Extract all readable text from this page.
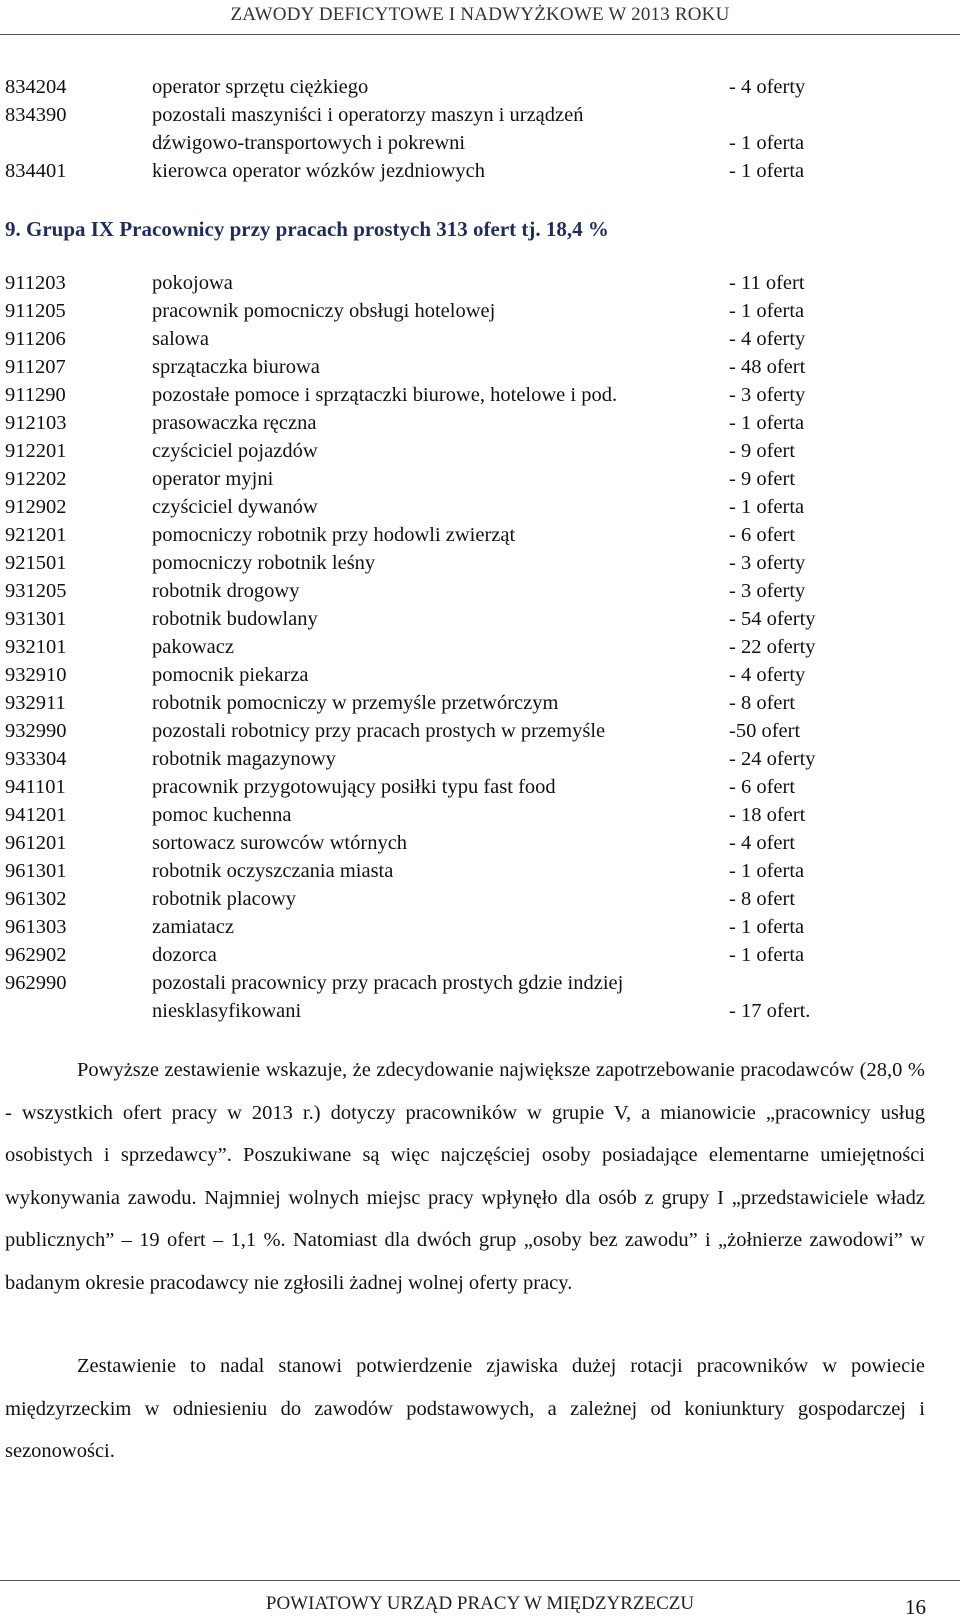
ZAWODY DEFICYTOWE I NADWYŻKOWE W 2013 ROKU
834204	operator sprzętu ciężkiego	- 4 oferty
834390	pozostali maszyniści i operatorzy maszyn i urządzeń
dźwigowo-transportowych i pokrewni	- 1 oferta
834401	kierowca operator wózków jezdniowych	- 1 oferta
911203	pokojowa	- 11 ofert
911205	pracownik pomocniczy obsługi hotelowej	- 1 oferta
911206	salowa	- 4 oferty
911207	sprzątaczka biurowa	- 48 ofert
911290	pozostałe pomoce i sprzątaczki biurowe, hotelowe i pod.	- 3 oferty
912103	prasowaczka ręczna	- 1 oferta
912201	czyściciel pojazdów	- 9 ofert
912202	operator myjni	- 9 ofert
912902	czyściciel dywanów	- 1 oferta
921201	pomocniczy robotnik przy hodowli zwierząt	- 6 ofert
921501	pomocniczy robotnik leśny	- 3 oferty
931205	robotnik drogowy	- 3 oferty
931301	robotnik budowlany	- 54 oferty
932101	pakowacz	- 22 oferty
932910	pomocnik piekarza	- 4 oferty
932911	robotnik pomocniczy w przemyśle przetwórczym	- 8 ofert
932990	pozostali robotnicy przy pracach prostych w przemyśle	-50 ofert
933304	robotnik magazynowy	- 24 oferty
941101	pracownik przygotowujący posiłki typu fast food	- 6 ofert
941201	pomoc kuchenna	- 18 ofert
961201	sortowacz surowców wtórnych	- 4 ofert
961301	robotnik oczyszczania miasta	- 1 oferta
961302	robotnik placowy	- 8 ofert
961303	zamiatacz	- 1 oferta
962902	dozorca	- 1 oferta
962990	pozostali pracownicy przy pracach prostych gdzie indziej
niesklasyfikowani	- 17 ofert.
9. Grupa IX Pracownicy przy pracach prostych 313 ofert tj. 18,4 %

Powyższe zestawienie wskazuje, że zdecydowanie największe zapotrzebowanie pracodawców (28,0 % - wszystkich ofert pracy w 2013 r.) dotyczy pracowników w grupie V, a mianowicie „pracownicy usług osobistych i sprzedawcy”. Poszukiwane są więc najczęściej osoby posiadające elementarne umiejętności wykonywania zawodu. Najmniej wolnych miejsc pracy wpłynęło dla osób z grupy I „przedstawiciele władz publicznych” – 19 ofert – 1,1 %. Natomiast dla dwóch grup „osoby bez zawodu” i „żołnierze zawodowi” w badanym okresie pracodawcy nie zgłosili żadnej wolnej oferty pracy.

Zestawienie to nadal stanowi potwierdzenie zjawiska dużej rotacji pracowników w powiecie międzyrzeckim w odniesieniu do zawodów podstawowych, a zależnej od koniunktury gospodarczej i sezonowości.

POWIATOWY URZĄD PRACY W MIĘDZYRZECZU	16
